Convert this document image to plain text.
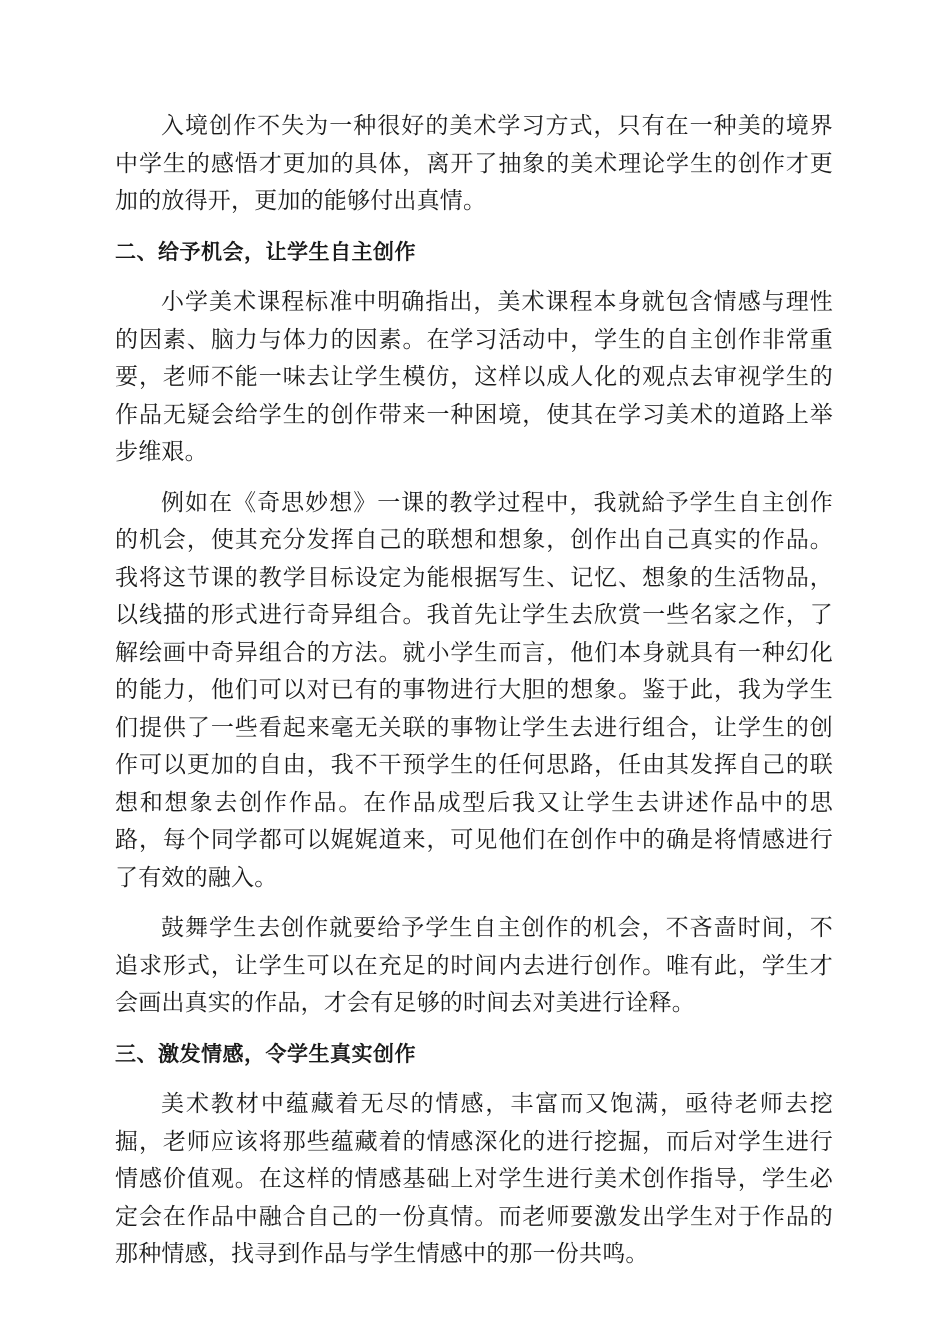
入境创作不失为一种很好的美术学习方式，只有在一种美的境界中学生的感悟才更加的具体，离开了抽象的美术理论学生的创作才更加的放得开，更加的能够付出真情。

二、给予机会，让学生自主创作

小学美术课程标准中明确指出，美术课程本身就包含情感与理性的因素、脑力与体力的因素。在学习活动中，学生的自主创作非常重要，老师不能一味去让学生模仿，这样以成人化的观点去审视学生的作品无疑会给学生的创作带来一种困境，使其在学习美术的道路上举步维艰。

例如在《奇思妙想》一课的教学过程中，我就給予学生自主创作的机会，使其充分发挥自己的联想和想象，创作出自己真实的作品。我将这节课的教学目标设定为能根据写生、记忆、想象的生活物品，以线描的形式进行奇异组合。我首先让学生去欣赏一些名家之作，了解绘画中奇异组合的方法。就小学生而言，他们本身就具有一种幻化的能力，他们可以对已有的事物进行大胆的想象。鉴于此，我为学生们提供了一些看起来毫无关联的事物让学生去进行组合，让学生的创作可以更加的自由，我不干预学生的任何思路，任由其发挥自己的联想和想象去创作作品。在作品成型后我又让学生去讲述作品中的思路，每个同学都可以娓娓道来，可见他们在创作中的确是将情感进行了有效的融入。

鼓舞学生去创作就要给予学生自主创作的机会，不吝啬时间，不追求形式，让学生可以在充足的时间内去进行创作。唯有此，学生才会画出真实的作品，才会有足够的时间去对美进行诠释。

三、激发情感，令学生真实创作

美术教材中蕴藏着无尽的情感，丰富而又饱满，亟待老师去挖掘，老师应该将那些蕴藏着的情感深化的进行挖掘，而后对学生进行情感价值观。在这样的情感基础上对学生进行美术创作指导，学生必定会在作品中融合自己的一份真情。而老师要激发出学生对于作品的那种情感，找寻到作品与学生情感中的那一份共鸣。
